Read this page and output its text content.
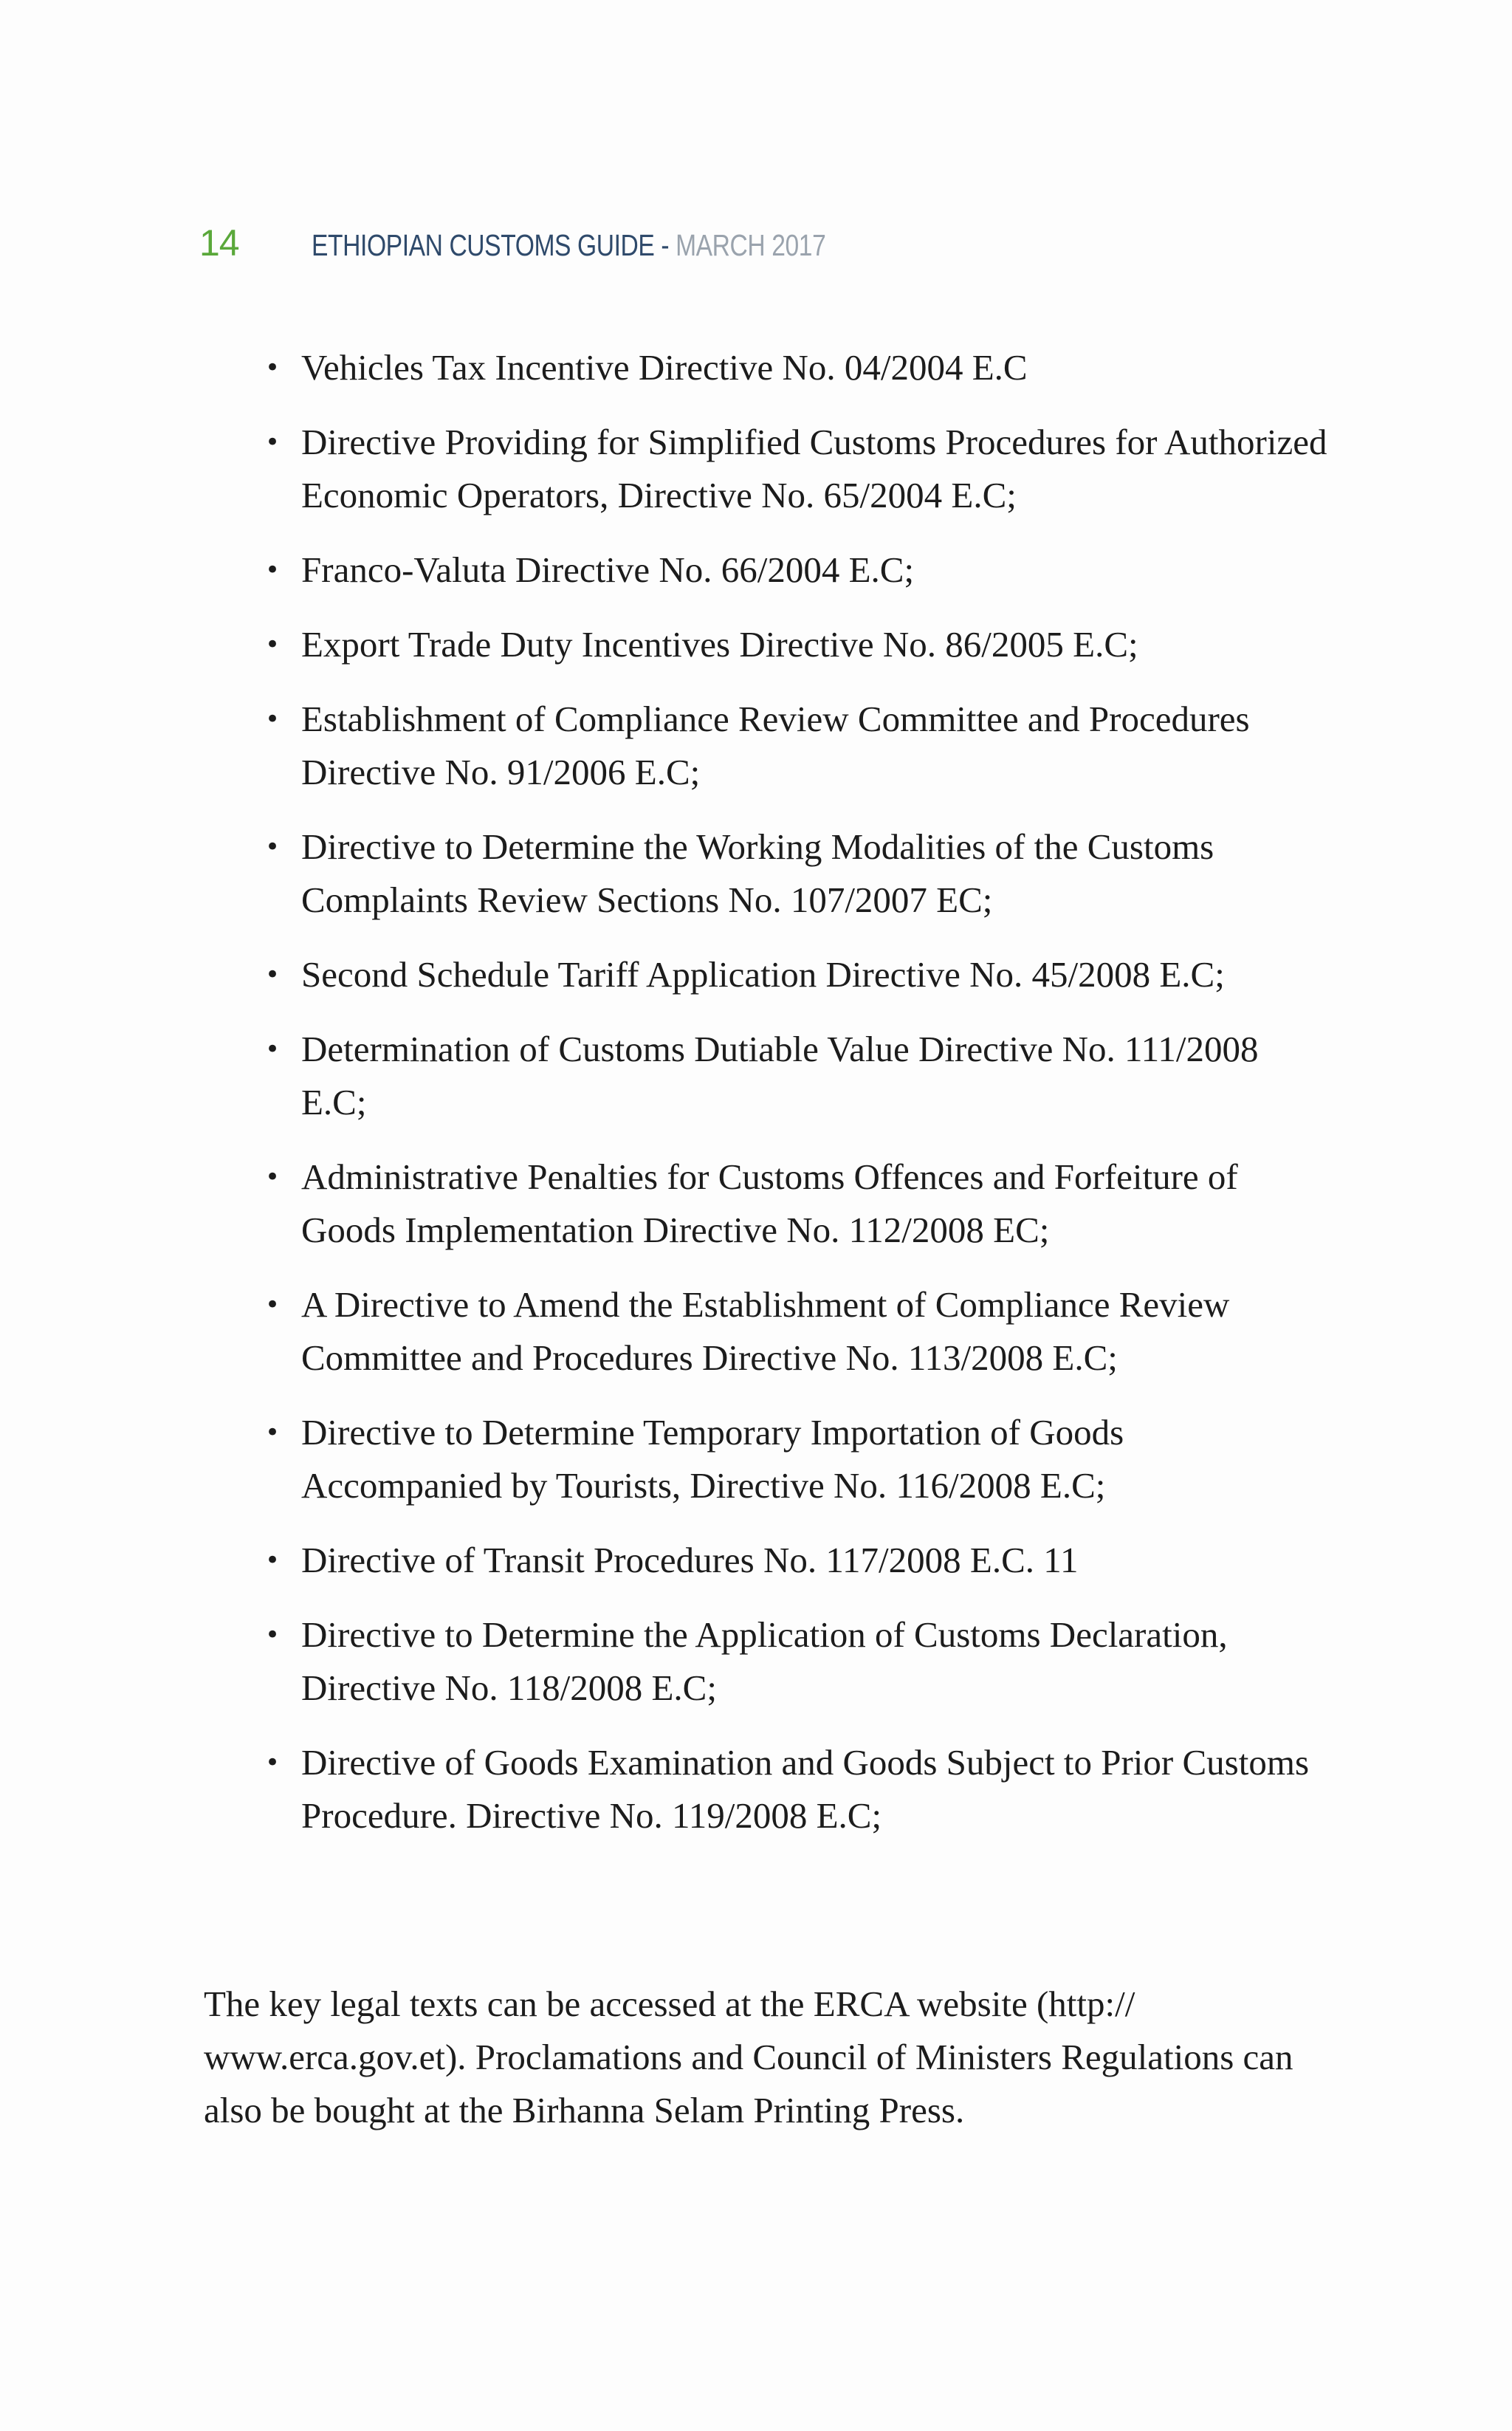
14	ETHIOPIAN CUSTOMS GUIDE - MARCH 2017
• Vehicles Tax Incentive Directive No. 04/2004 E.C
• Directive Providing for Simplified Customs Procedures for Authorized Economic Operators, Directive No. 65/2004 E.C;
• Franco-Valuta Directive No. 66/2004 E.C;
• Export Trade Duty Incentives Directive No. 86/2005 E.C;
• Establishment of Compliance Review Committee and Procedures Directive No. 91/2006 E.C;
• Directive to Determine the Working Modalities of the Customs Complaints Review Sections No. 107/2007 EC;
• Second Schedule Tariff Application Directive No. 45/2008 E.C;
• Determination of Customs Dutiable Value Directive No. 111/2008 E.C;
• Administrative Penalties for Customs Offences and Forfeiture of Goods Implementation Directive No. 112/2008 EC;
• A Directive to Amend the Establishment of Compliance Review Committee and Procedures Directive No. 113/2008 E.C;
• Directive to Determine Temporary Importation of Goods Accompanied by Tourists, Directive No. 116/2008 E.C;
• Directive of Transit Procedures No. 117/2008 E.C. 11
• Directive to Determine the Application of Customs Declaration, Directive No. 118/2008 E.C;
• Directive of Goods Examination and Goods Subject to Prior Customs Procedure. Directive No. 119/2008 E.C;

The key legal texts can be accessed at the ERCA website (http:// www.erca.gov.et). Proclamations and Council of Ministers Regulations can also be bought at the Birhanna Selam Printing Press.
